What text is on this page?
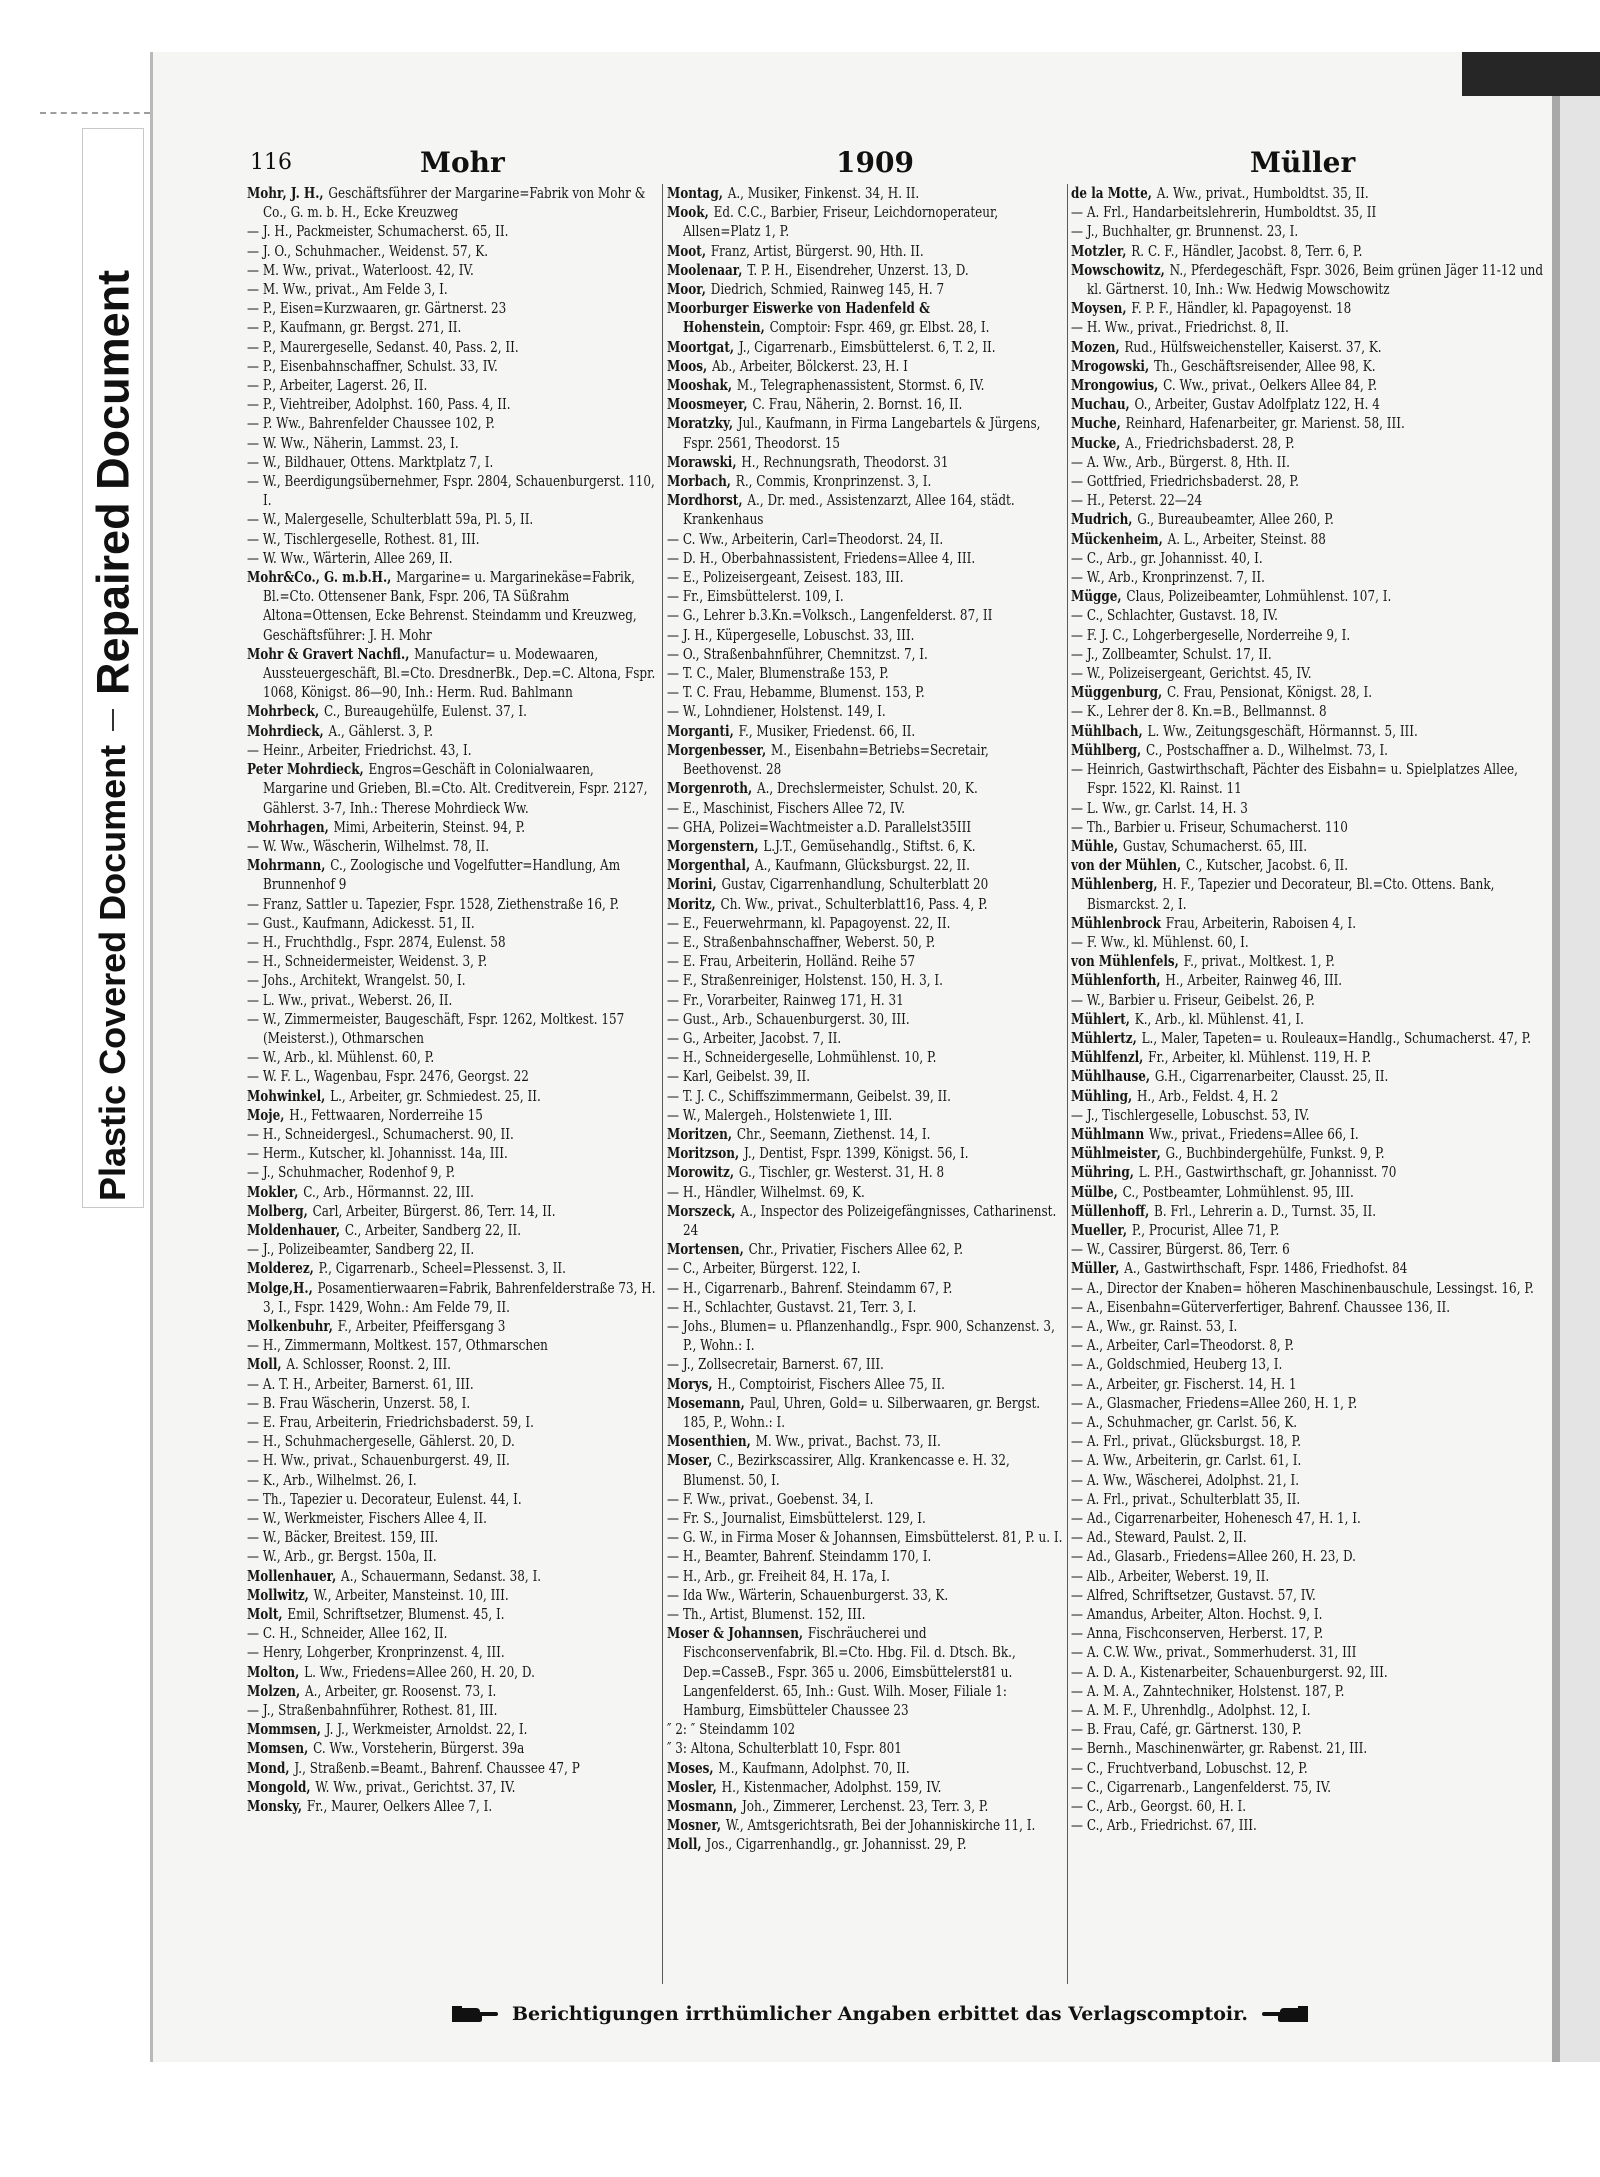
Plastic Covered Document
Repaired Document
116	Mohr	1909	Müller
Mohr, J. H., Geschäftsführer der Margarine=Fabrik von Mohr & Co., G. m. b. H., Ecke Kreuzweg
— J. H., Packmeister, Schumacherst. 65, II.
— J. O., Schuhmacher., Weidenst. 57, K.
— M. Ww., privat., Waterloost. 42, IV.
— M. Ww., privat., Am Felde 3, I.
— P., Eisen=Kurzwaaren, gr. Gärtnerst. 23
— P., Kaufmann, gr. Bergst. 271, II.
— P., Maurergeselle, Sedanst. 40, Pass. 2, II.
— P., Eisenbahnschaffner, Schulst. 33, IV.
— P., Arbeiter, Lagerst. 26, II.
— P., Viehtreiber, Adolphst. 160, Pass. 4, II.
— P. Ww., Bahrenfelder Chaussee 102, P.
— W. Ww., Näherin, Lammst. 23, I.
— W., Bildhauer, Ottens. Marktplatz 7, I.
— W., Beerdigungsübernehmer, Fspr. 2804, Schauenburgerst. 110, I.
— W., Malergeselle, Schulterblatt 59a, Pl. 5, II.
— W., Tischlergeselle, Rothest. 81, III.
— W. Ww., Wärterin, Allee 269, II.
Mohr&Co., G. m.b.H., Margarine= u. Margarinekäse=Fabrik, Bl.=Cto. Ottensener Bank, Fspr. 206, TA Süßrahm Altona=Ottensen, Ecke Behrenst. Steindamm und Kreuzweg, Geschäftsführer: J. H. Mohr
Mohr & Gravert Nachfl., Manufactur= u. Modewaaren, Aussteuergeschäft, Bl.=Cto. DresdnerBk., Dep.=C. Altona, Fspr. 1068, Königst. 86—90, Inh.: Herm. Rud. Bahlmann
Mohrbeck, C., Bureaugehülfe, Eulenst. 37, I.
Mohrdieck, A., Gählerst. 3, P.
— Heinr., Arbeiter, Friedrichst. 43, I.
Peter Mohrdieck, Engros=Geschäft in Colonialwaaren, Margarine und Grieben, Bl.=Cto. Alt. Creditverein, Fspr. 2127, Gählerst. 3-7, Inh.: Therese Mohrdieck Ww.
Mohrhagen, Mimi, Arbeiterin, Steinst. 94, P.
— W. Ww., Wäscherin, Wilhelmst. 78, II.
Mohrmann, C., Zoologische und Vogelfutter=Handlung, Am Brunnenhof 9
— Franz, Sattler u. Tapezier, Fspr. 1528, Ziethenstraße 16, P.
— Gust., Kaufmann, Adickesst. 51, II.
— H., Fruchthdlg., Fspr. 2874, Eulenst. 58
— H., Schneidermeister, Weidenst. 3, P.
— Johs., Architekt, Wrangelst. 50, I.
— L. Ww., privat., Weberst. 26, II.
— W., Zimmermeister, Baugeschäft, Fspr. 1262, Moltkest. 157 (Meisterst.), Othmarschen
— W., Arb., kl. Mühlenst. 60, P.
— W. F. L., Wagenbau, Fspr. 2476, Georgst. 22
Mohwinkel, L., Arbeiter, gr. Schmiedest. 25, II.
Moje, H., Fettwaaren, Norderreihe 15
— H., Schneidergesl., Schumacherst. 90, II.
— Herm., Kutscher, kl. Johannisst. 14a, III.
— J., Schuhmacher, Rodenhof 9, P.
Mokler, C., Arb., Hörmannst. 22, III.
Molberg, Carl, Arbeiter, Bürgerst. 86, Terr. 14, II.
Moldenhauer, C., Arbeiter, Sandberg 22, II.
— J., Polizeibeamter, Sandberg 22, II.
Molderez, P., Cigarrenarb., Scheel=Plessenst. 3, II.
Molge,H., Posamentierwaaren=Fabrik, Bahrenfelderstraße 73, H. 3, I., Fspr. 1429, Wohn.: Am Felde 79, II.
Molkenbuhr, F., Arbeiter, Pfeiffersgang 3
— H., Zimmermann, Moltkest. 157, Othmarschen
Moll, A. Schlosser, Roonst. 2, III.
— A. T. H., Arbeiter, Barnerst. 61, III.
— B. Frau Wäscherin, Unzerst. 58, I.
— E. Frau, Arbeiterin, Friedrichsbaderst. 59, I.
— H., Schuhmachergeselle, Gählerst. 20, D.
— H. Ww., privat., Schauenburgerst. 49, II.
— K., Arb., Wilhelmst. 26, I.
— Th., Tapezier u. Decorateur, Eulenst. 44, I.
— W., Werkmeister, Fischers Allee 4, II.
— W., Bäcker, Breitest. 159, III.
— W., Arb., gr. Bergst. 150a, II.
Mollenhauer, A., Schauermann, Sedanst. 38, I.
Mollwitz, W., Arbeiter, Mansteinst. 10, III.
Molt, Emil, Schriftsetzer, Blumenst. 45, I.
— C. H., Schneider, Allee 162, II.
— Henry, Lohgerber, Kronprinzenst. 4, III.
Molton, L. Ww., Friedens=Allee 260, H. 20, D.
Molzen, A., Arbeiter, gr. Roosenst. 73, I.
— J., Straßenbahnführer, Rothest. 81, III.
Mommsen, J. J., Werkmeister, Arnoldst. 22, I.
Momsen, C. Ww., Vorsteherin, Bürgerst. 39a
Mond, J., Straßenb.=Beamt., Bahrenf. Chaussee 47, P
Mongold, W. Ww., privat., Gerichtst. 37, IV.
Monsky, Fr., Maurer, Oelkers Allee 7, I.
Montag, A., Musiker, Finkenst. 34, H. II.
Mook, Ed. C.C., Barbier, Friseur, Leichdornoperateur, Allsen=Platz 1, P.
Moot, Franz, Artist, Bürgerst. 90, Hth. II.
Moolenaar, T. P. H., Eisendreher, Unzerst. 13, D.
Moor, Diedrich, Schmied, Rainweg 145, H. 7
Moorburger Eiswerke von Hadenfeld & Hohenstein, Comptoir: Fspr. 469, gr. Elbst. 28, I.
Moortgat, J., Cigarrenarb., Eimsbüttelerst. 6, T. 2, II.
Moos, Ab., Arbeiter, Bölckerst. 23, H. I
Mooshak, M., Telegraphenassistent, Stormst. 6, IV.
Moosmeyer, C. Frau, Näherin, 2. Bornst. 16, II.
Moratzky, Jul., Kaufmann, in Firma Langebartels & Jürgens, Fspr. 2561, Theodorst. 15
Morawski, H., Rechnungsrath, Theodorst. 31
Morbach, R., Commis, Kronprinzenst. 3, I.
Mordhorst, A., Dr. med., Assistenzarzt, Allee 164, städt. Krankenhaus
— C. Ww., Arbeiterin, Carl=Theodorst. 24, II.
— D. H., Oberbahnassistent, Friedens=Allee 4, III.
— E., Polizeisergeant, Zeisest. 183, III.
— Fr., Eimsbüttelerst. 109, I.
— G., Lehrer b.3.Kn.=Volksch., Langenfelderst. 87, II
— J. H., Küpergeselle, Lobuschst. 33, III.
— O., Straßenbahnführer, Chemnitzst. 7, I.
— T. C., Maler, Blumenstraße 153, P.
— T. C. Frau, Hebamme, Blumenst. 153, P.
— W., Lohndiener, Holstenst. 149, I.
Morganti, F., Musiker, Friedenst. 66, II.
Morgenbesser, M., Eisenbahn=Betriebs=Secretair, Beethovenst. 28
Morgenroth, A., Drechslermeister, Schulst. 20, K.
— E., Maschinist, Fischers Allee 72, IV.
— GHA, Polizei=Wachtmeister a.D. Parallelst35III
Morgenstern, L.J.T., Gemüsehandlg., Stiftst. 6, K.
Morgenthal, A., Kaufmann, Glücksburgst. 22, II.
Morini, Gustav, Cigarrenhandlung, Schulterblatt 20
Moritz, Ch. Ww., privat., Schulterblatt16, Pass. 4, P.
— E., Feuerwehrmann, kl. Papagoyenst. 22, II.
— E., Straßenbahnschaffner, Weberst. 50, P.
— E. Frau, Arbeiterin, Holländ. Reihe 57
— F., Straßenreiniger, Holstenst. 150, H. 3, I.
— Fr., Vorarbeiter, Rainweg 171, H. 31
— Gust., Arb., Schauenburgerst. 30, III.
— G., Arbeiter, Jacobst. 7, II.
— H., Schneidergeselle, Lohmühlenst. 10, P.
— Karl, Geibelst. 39, II.
— T. J. C., Schiffszimmermann, Geibelst. 39, II.
— W., Malergeh., Holstenwiete 1, III.
Moritzen, Chr., Seemann, Ziethenst. 14, I.
Moritzson, J., Dentist, Fspr. 1399, Königst. 56, I.
Morowitz, G., Tischler, gr. Westerst. 31, H. 8
— H., Händler, Wilhelmst. 69, K.
Morszeck, A., Inspector des Polizeigefängnisses, Catharinenst. 24
Mortensen, Chr., Privatier, Fischers Allee 62, P.
— C., Arbeiter, Bürgerst. 122, I.
— H., Cigarrenarb., Bahrenf. Steindamm 67, P.
— H., Schlachter, Gustavst. 21, Terr. 3, I.
— Johs., Blumen= u. Pflanzenhandlg., Fspr. 900, Schanzenst. 3, P., Wohn.: I.
— J., Zollsecretair, Barnerst. 67, III.
Morys, H., Comptoirist, Fischers Allee 75, II.
Mosemann, Paul, Uhren, Gold= u. Silberwaaren, gr. Bergst. 185, P., Wohn.: I.
Mosenthien, M. Ww., privat., Bachst. 73, II.
Moser, C., Bezirkscassirer, Allg. Krankencasse e. H. 32, Blumenst. 50, I.
— F. Ww., privat., Goebenst. 34, I.
— Fr. S., Journalist, Eimsbüttelerst. 129, I.
— G. W., in Firma Moser & Johannsen, Eimsbüttelerst. 81, P. u. I.
— H., Beamter, Bahrenf. Steindamm 170, I.
— H., Arb., gr. Freiheit 84, H. 17a, I.
— Ida Ww., Wärterin, Schauenburgerst. 33, K.
— Th., Artist, Blumenst. 152, III.
Moser & Johannsen, Fischräucherei und Fischconservenfabrik, Bl.=Cto. Hbg. Fil. d. Dtsch. Bk., Dep.=CasseB., Fspr. 365 u. 2006, Eimsbüttelerst81 u. Langenfelderst. 65, Inh.: Gust. Wilh. Moser, Filiale 1: Hamburg, Eimsbütteler Chaussee 23
″ 2: ″ Steindamm 102
″ 3: Altona, Schulterblatt 10, Fspr. 801
Moses, M., Kaufmann, Adolphst. 70, II.
Mosler, H., Kistenmacher, Adolphst. 159, IV.
Mosmann, Joh., Zimmerer, Lerchenst. 23, Terr. 3, P.
Mosner, W., Amtsgerichtsrath, Bei der Johanniskirche 11, I.
Moll, Jos., Cigarrenhandlg., gr. Johannisst. 29, P.
de la Motte, A. Ww., privat., Humboldtst. 35, II.
— A. Frl., Handarbeitslehrerin, Humboldtst. 35, II
— J., Buchhalter, gr. Brunnenst. 23, I.
Motzler, R. C. F., Händler, Jacobst. 8, Terr. 6, P.
Mowschowitz, N., Pferdegeschäft, Fspr. 3026, Beim grünen Jäger 11-12 und kl. Gärtnerst. 10, Inh.: Ww. Hedwig Mowschowitz
Moysen, F. P. F., Händler, kl. Papagoyenst. 18
— H. Ww., privat., Friedrichst. 8, II.
Mozen, Rud., Hülfsweichensteller, Kaiserst. 37, K.
Mrogowski, Th., Geschäftsreisender, Allee 98, K.
Mrongowius, C. Ww., privat., Oelkers Allee 84, P.
Muchau, O., Arbeiter, Gustav Adolfplatz 122, H. 4
Muche, Reinhard, Hafenarbeiter, gr. Marienst. 58, III.
Mucke, A., Friedrichsbaderst. 28, P.
— A. Ww., Arb., Bürgerst. 8, Hth. II.
— Gottfried, Friedrichsbaderst. 28, P.
— H., Peterst. 22—24
Mudrich, G., Bureaubeamter, Allee 260, P.
Mückenheim, A. L., Arbeiter, Steinst. 88
— C., Arb., gr. Johannisst. 40, I.
— W., Arb., Kronprinzenst. 7, II.
Mügge, Claus, Polizeibeamter, Lohmühlenst. 107, I.
— C., Schlachter, Gustavst. 18, IV.
— F. J. C., Lohgerbergeselle, Norderreihe 9, I.
— J., Zollbeamter, Schulst. 17, II.
— W., Polizeisergeant, Gerichtst. 45, IV.
Müggenburg, C. Frau, Pensionat, Königst. 28, I.
— K., Lehrer der 8. Kn.=B., Bellmannst. 8
Mühlbach, L. Ww., Zeitungsgeschäft, Hörmannst. 5, III.
Mühlberg, C., Postschaffner a. D., Wilhelmst. 73, I.
— Heinrich, Gastwirthschaft, Pächter des Eisbahn= u. Spielplatzes Allee, Fspr. 1522, Kl. Rainst. 11
— L. Ww., gr. Carlst. 14, H. 3
— Th., Barbier u. Friseur, Schumacherst. 110
Mühle, Gustav, Schumacherst. 65, III.
von der Mühlen, C., Kutscher, Jacobst. 6, II.
Mühlenberg, H. F., Tapezier und Decorateur, Bl.=Cto. Ottens. Bank, Bismarckst. 2, I.
Mühlenbrock Frau, Arbeiterin, Raboisen 4, I.
— F. Ww., kl. Mühlenst. 60, I.
von Mühlenfels, F., privat., Moltkest. 1, P.
Mühlenforth, H., Arbeiter, Rainweg 46, III.
— W., Barbier u. Friseur, Geibelst. 26, P.
Mühlert, K., Arb., kl. Mühlenst. 41, I.
Mühlertz, L., Maler, Tapeten= u. Rouleaux=Handlg., Schumacherst. 47, P.
Mühlfenzl, Fr., Arbeiter, kl. Mühlenst. 119, H. P.
Mühlhause, G.H., Cigarrenarbeiter, Clausst. 25, II.
Mühling, H., Arb., Feldst. 4, H. 2
— J., Tischlergeselle, Lobuschst. 53, IV.
Mühlmann Ww., privat., Friedens=Allee 66, I.
Mühlmeister, G., Buchbindergehülfe, Funkst. 9, P.
Mühring, L. P.H., Gastwirthschaft, gr. Johannisst. 70
Mülbe, C., Postbeamter, Lohmühlenst. 95, III.
Müllenhoff, B. Frl., Lehrerin a. D., Turnst. 35, II.
Mueller, P., Procurist, Allee 71, P.
— W., Cassirer, Bürgerst. 86, Terr. 6
Müller, A., Gastwirthschaft, Fspr. 1486, Friedhofst. 84
— A., Director der Knaben= höheren Maschinenbauschule, Lessingst. 16, P.
— A., Eisenbahn=Güterverfertiger, Bahrenf. Chaussee 136, II.
— A., Ww., gr. Rainst. 53, I.
— A., Arbeiter, Carl=Theodorst. 8, P.
— A., Goldschmied, Heuberg 13, I.
— A., Arbeiter, gr. Fischerst. 14, H. 1
— A., Glasmacher, Friedens=Allee 260, H. 1, P.
— A., Schuhmacher, gr. Carlst. 56, K.
— A. Frl., privat., Glücksburgst. 18, P.
— A. Ww., Arbeiterin, gr. Carlst. 61, I.
— A. Ww., Wäscherei, Adolphst. 21, I.
— A. Frl., privat., Schulterblatt 35, II.
— Ad., Cigarrenarbeiter, Hohenesch 47, H. 1, I.
— Ad., Steward, Paulst. 2, II.
— Ad., Glasarb., Friedens=Allee 260, H. 23, D.
— Alb., Arbeiter, Weberst. 19, II.
— Alfred, Schriftsetzer, Gustavst. 57, IV.
— Amandus, Arbeiter, Alton. Hochst. 9, I.
— Anna, Fischconserven, Herberst. 17, P.
— A. C.W. Ww., privat., Sommerhuderst. 31, III
— A. D. A., Kistenarbeiter, Schauenburgerst. 92, III.
— A. M. A., Zahntechniker, Holstenst. 187, P.
— A. M. F., Uhrenhdlg., Adolphst. 12, I.
— B. Frau, Café, gr. Gärtnerst. 130, P.
— Bernh., Maschinenwärter, gr. Rabenst. 21, III.
— C., Fruchtverband, Lobuschst. 12, P.
— C., Cigarrenarb., Langenfelderst. 75, IV.
— C., Arb., Georgst. 60, H. I.
— C., Arb., Friedrichst. 67, III.
Berichtigungen irrthümlicher Angaben erbittet das Verlagscomptoir.
